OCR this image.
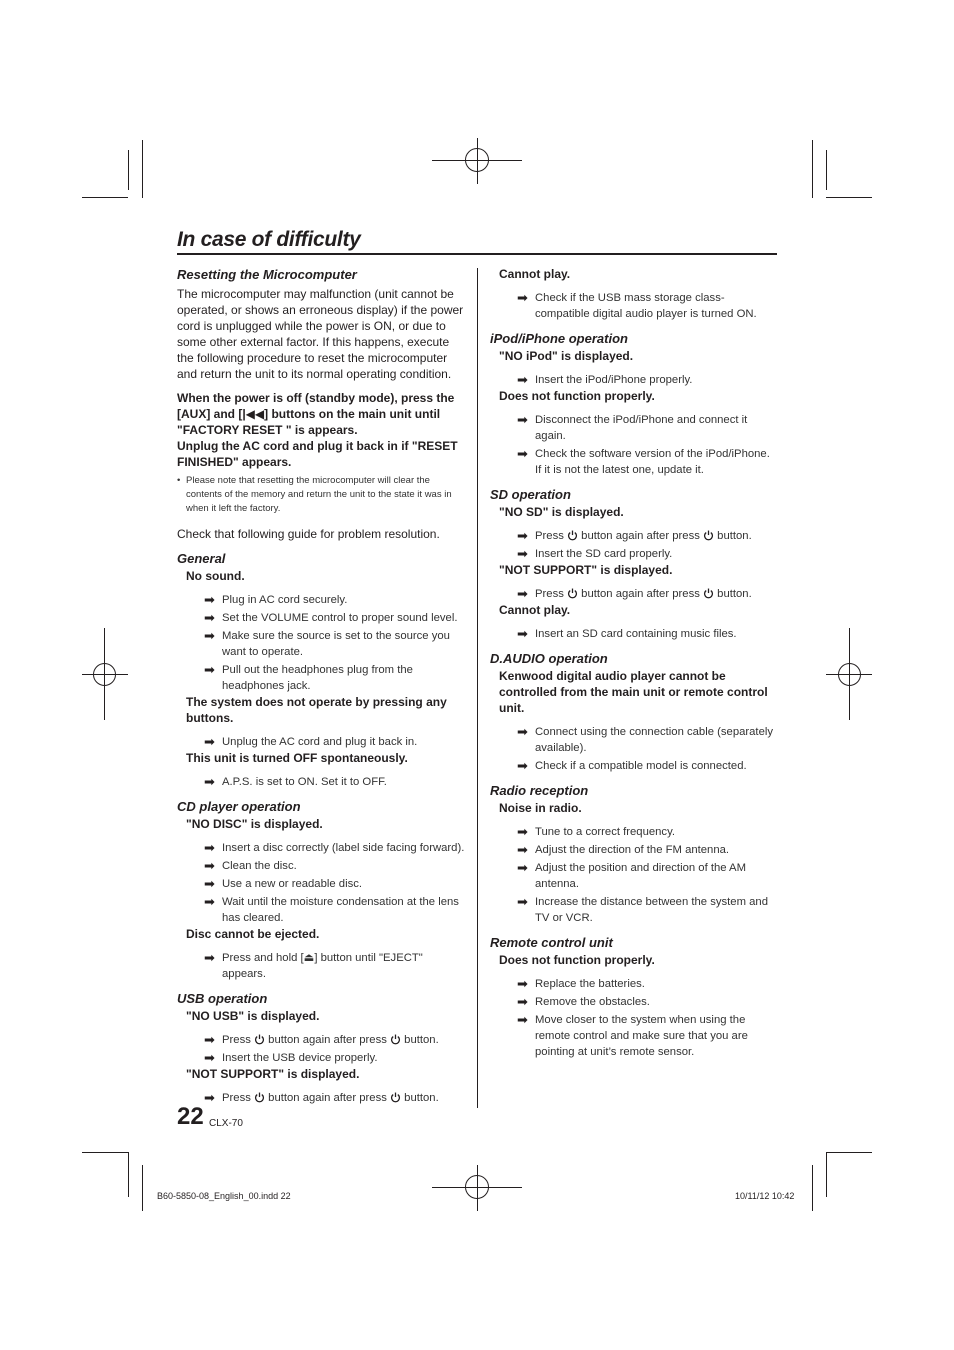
In case of difficulty
Resetting the Microcomputer

The microcomputer may malfunction (unit cannot be operated, or shows an erroneous display) if the power cord is unplugged while the power is ON, or due to some other external factor. If this happens, execute the following procedure to reset the microcomputer and return the unit to its normal operating condition.

When the power is off (standby mode), press the [AUX] and [|◀◀] buttons on the main unit until "FACTORY RESET " is appears.

Unplug the AC cord and plug it back in if "RESET FINISHED" appears.

• Please note that resetting the microcomputer will clear the contents of the memory and return the unit to the state it was in when it left the factory.

Check that following guide for problem resolution.

General
No sound.
➡ Plug in AC cord securely.
➡ Set the VOLUME control to proper sound level.
➡ Make sure the source is set to the source you want to operate.
➡ Pull out the headphones plug from the headphones jack.
The system does not operate by pressing any buttons.
➡ Unplug the AC cord and plug it back in.
This unit is turned OFF spontaneously.
➡ A.P.S. is set to ON. Set it to OFF.
CD player operation
"NO DISC" is displayed.
➡ Insert a disc correctly (label side facing forward).
➡ Clean the disc.
➡ Use a new or readable disc.
➡ Wait until the moisture condensation at the lens has cleared.
Disc cannot be ejected.
➡ Press and hold [⏏] button until "EJECT" appears.
USB operation
"NO USB" is displayed.
➡ Press button again after press button.
➡ Insert the USB device properly.
"NOT SUPPORT" is displayed.
➡ Press button again after press button.
Cannot play.
➡ Check if the USB mass storage class-compatible digital audio player is turned ON.
iPod/iPhone operation
"NO iPod" is displayed.
➡ Insert the iPod/iPhone properly.
Does not function properly.
➡ Disconnect the iPod/iPhone and connect it again.
➡ Check the software version of the iPod/iPhone. If it is not the latest one, update it.
SD operation
"NO SD" is displayed.
➡ Press button again after press button.
➡ Insert the SD card properly.
"NOT SUPPORT" is displayed.
➡ Press button again after press button.
Cannot play.
➡ Insert an SD card containing music files.
D.AUDIO operation
Kenwood digital audio player cannot be controlled from the main unit or remote control unit.
➡ Connect using the connection cable (separately available).
➡ Check if a compatible model is connected.
Radio reception
Noise in radio.
➡ Tune to a correct frequency.
➡ Adjust the direction of the FM antenna.
➡ Adjust the position and direction of the AM antenna.
➡ Increase the distance between the system and TV or VCR.
Remote control unit
Does not function properly.
➡ Replace the batteries.
➡ Remove the obstacles.
➡ Move closer to the system when using the remote control and make sure that you are pointing at unit’s remote sensor.
22 CLX-70
B60-5850-08_English_00.indd 22	10/11/12 10:42
